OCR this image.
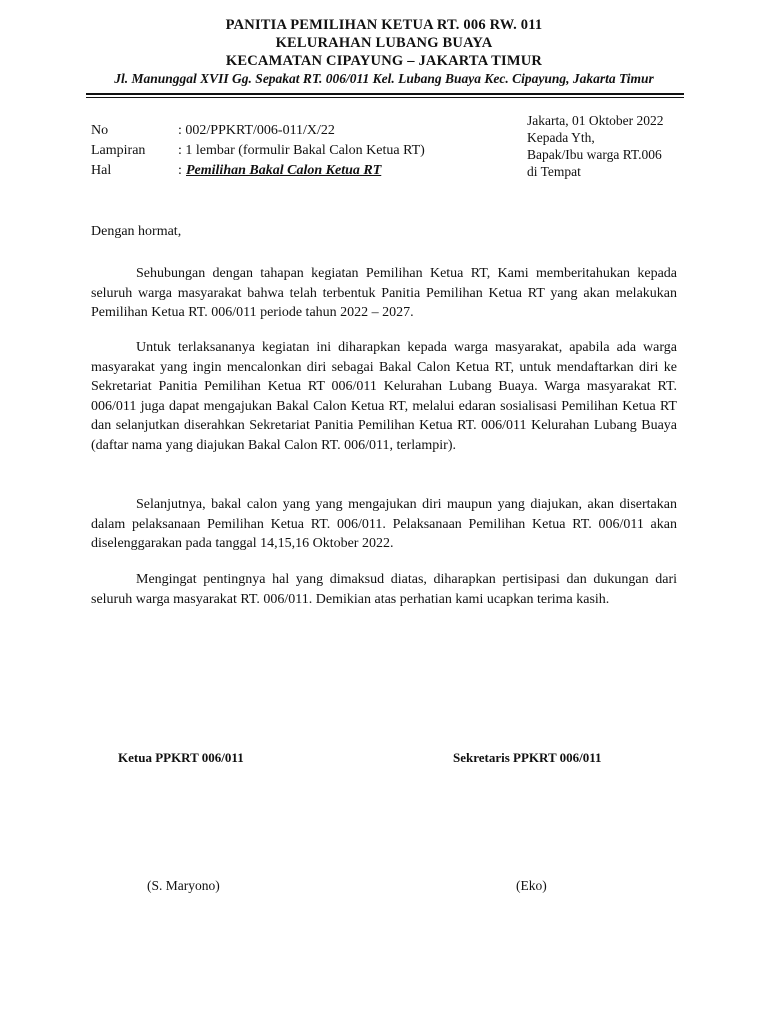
PANITIA PEMILIHAN KETUA RT. 006 RW. 011
KELURAHAN LUBANG BUAYA
KECAMATAN CIPAYUNG – JAKARTA TIMUR
Jl. Manunggal XVII Gg. Sepakat RT. 006/011 Kel. Lubang Buaya Kec. Cipayung, Jakarta Timur
No	: 002/PPKRT/006-011/X/22
Lampiran	: 1 lembar (formulir Bakal Calon Ketua RT)
Hal	: Pemilihan Bakal Calon Ketua RT
Jakarta, 01 Oktober 2022
Kepada Yth,
Bapak/Ibu warga RT.006
di Tempat
Dengan hormat,

Sehubungan dengan tahapan kegiatan Pemilihan Ketua RT, Kami memberitahukan kepada seluruh warga masyarakat bahwa telah terbentuk Panitia Pemilihan Ketua RT yang akan melakukan Pemilihan Ketua RT. 006/011 periode tahun 2022 – 2027.

Untuk terlaksananya kegiatan ini diharapkan kepada warga masyarakat, apabila ada warga masyarakat yang ingin mencalonkan diri sebagai Bakal Calon Ketua RT, untuk mendaftarkan diri ke Sekretariat Panitia Pemilihan Ketua RT 006/011 Kelurahan Lubang Buaya. Warga masyarakat RT. 006/011 juga dapat mengajukan Bakal Calon Ketua RT, melalui edaran sosialisasi Pemilihan Ketua RT dan selanjutkan diserahkan Sekretariat Panitia Pemilihan Ketua RT. 006/011 Kelurahan Lubang Buaya (daftar nama yang diajukan Bakal Calon RT. 006/011, terlampir).

Selanjutnya, bakal calon yang yang mengajukan diri maupun yang diajukan, akan disertakan dalam pelaksanaan Pemilihan Ketua RT. 006/011. Pelaksanaan Pemilihan Ketua RT. 006/011 akan diselenggarakan pada tanggal 14,15,16 Oktober 2022.

Mengingat pentingnya hal yang dimaksud diatas, diharapkan pertisipasi dan dukungan dari seluruh warga masyarakat RT. 006/011. Demikian atas perhatian kami ucapkan terima kasih.

Ketua PPKRT 006/011	Sekretaris PPKRT 006/011
(S. Maryono)	(Eko)
